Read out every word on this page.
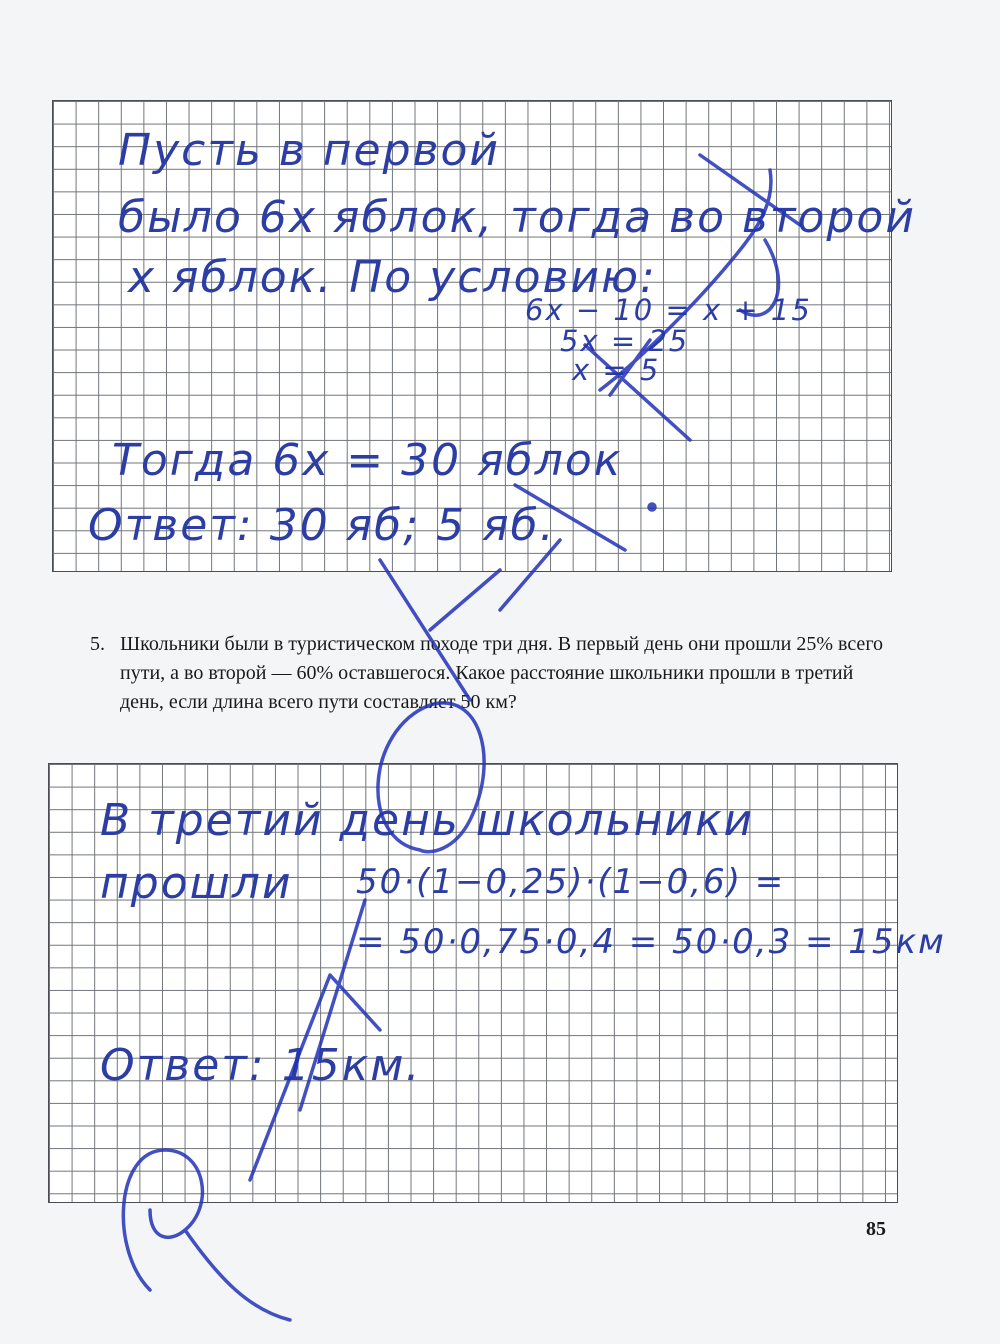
Пусть в первой
было 6x яблок, тогда во второй
x яблок. По условию:
6x − 10 = x + 15
5x = 25
x = 5
Тогда 6x = 30 яблок
Ответ: 30 яб; 5 яб.
5. Школьники были в туристическом походе три дня. В первый день они прошли 25% всего пути, а во второй — 60% оставшегося. Какое расстояние школьники прошли в третий день, если длина всего пути составляет 50 км?
В третий день школьники
прошли 50·(1−0,25)·(1−0,6) =
= 50·0,75·0,4 = 50·0,3 = 15км
Ответ: 15км.
85
